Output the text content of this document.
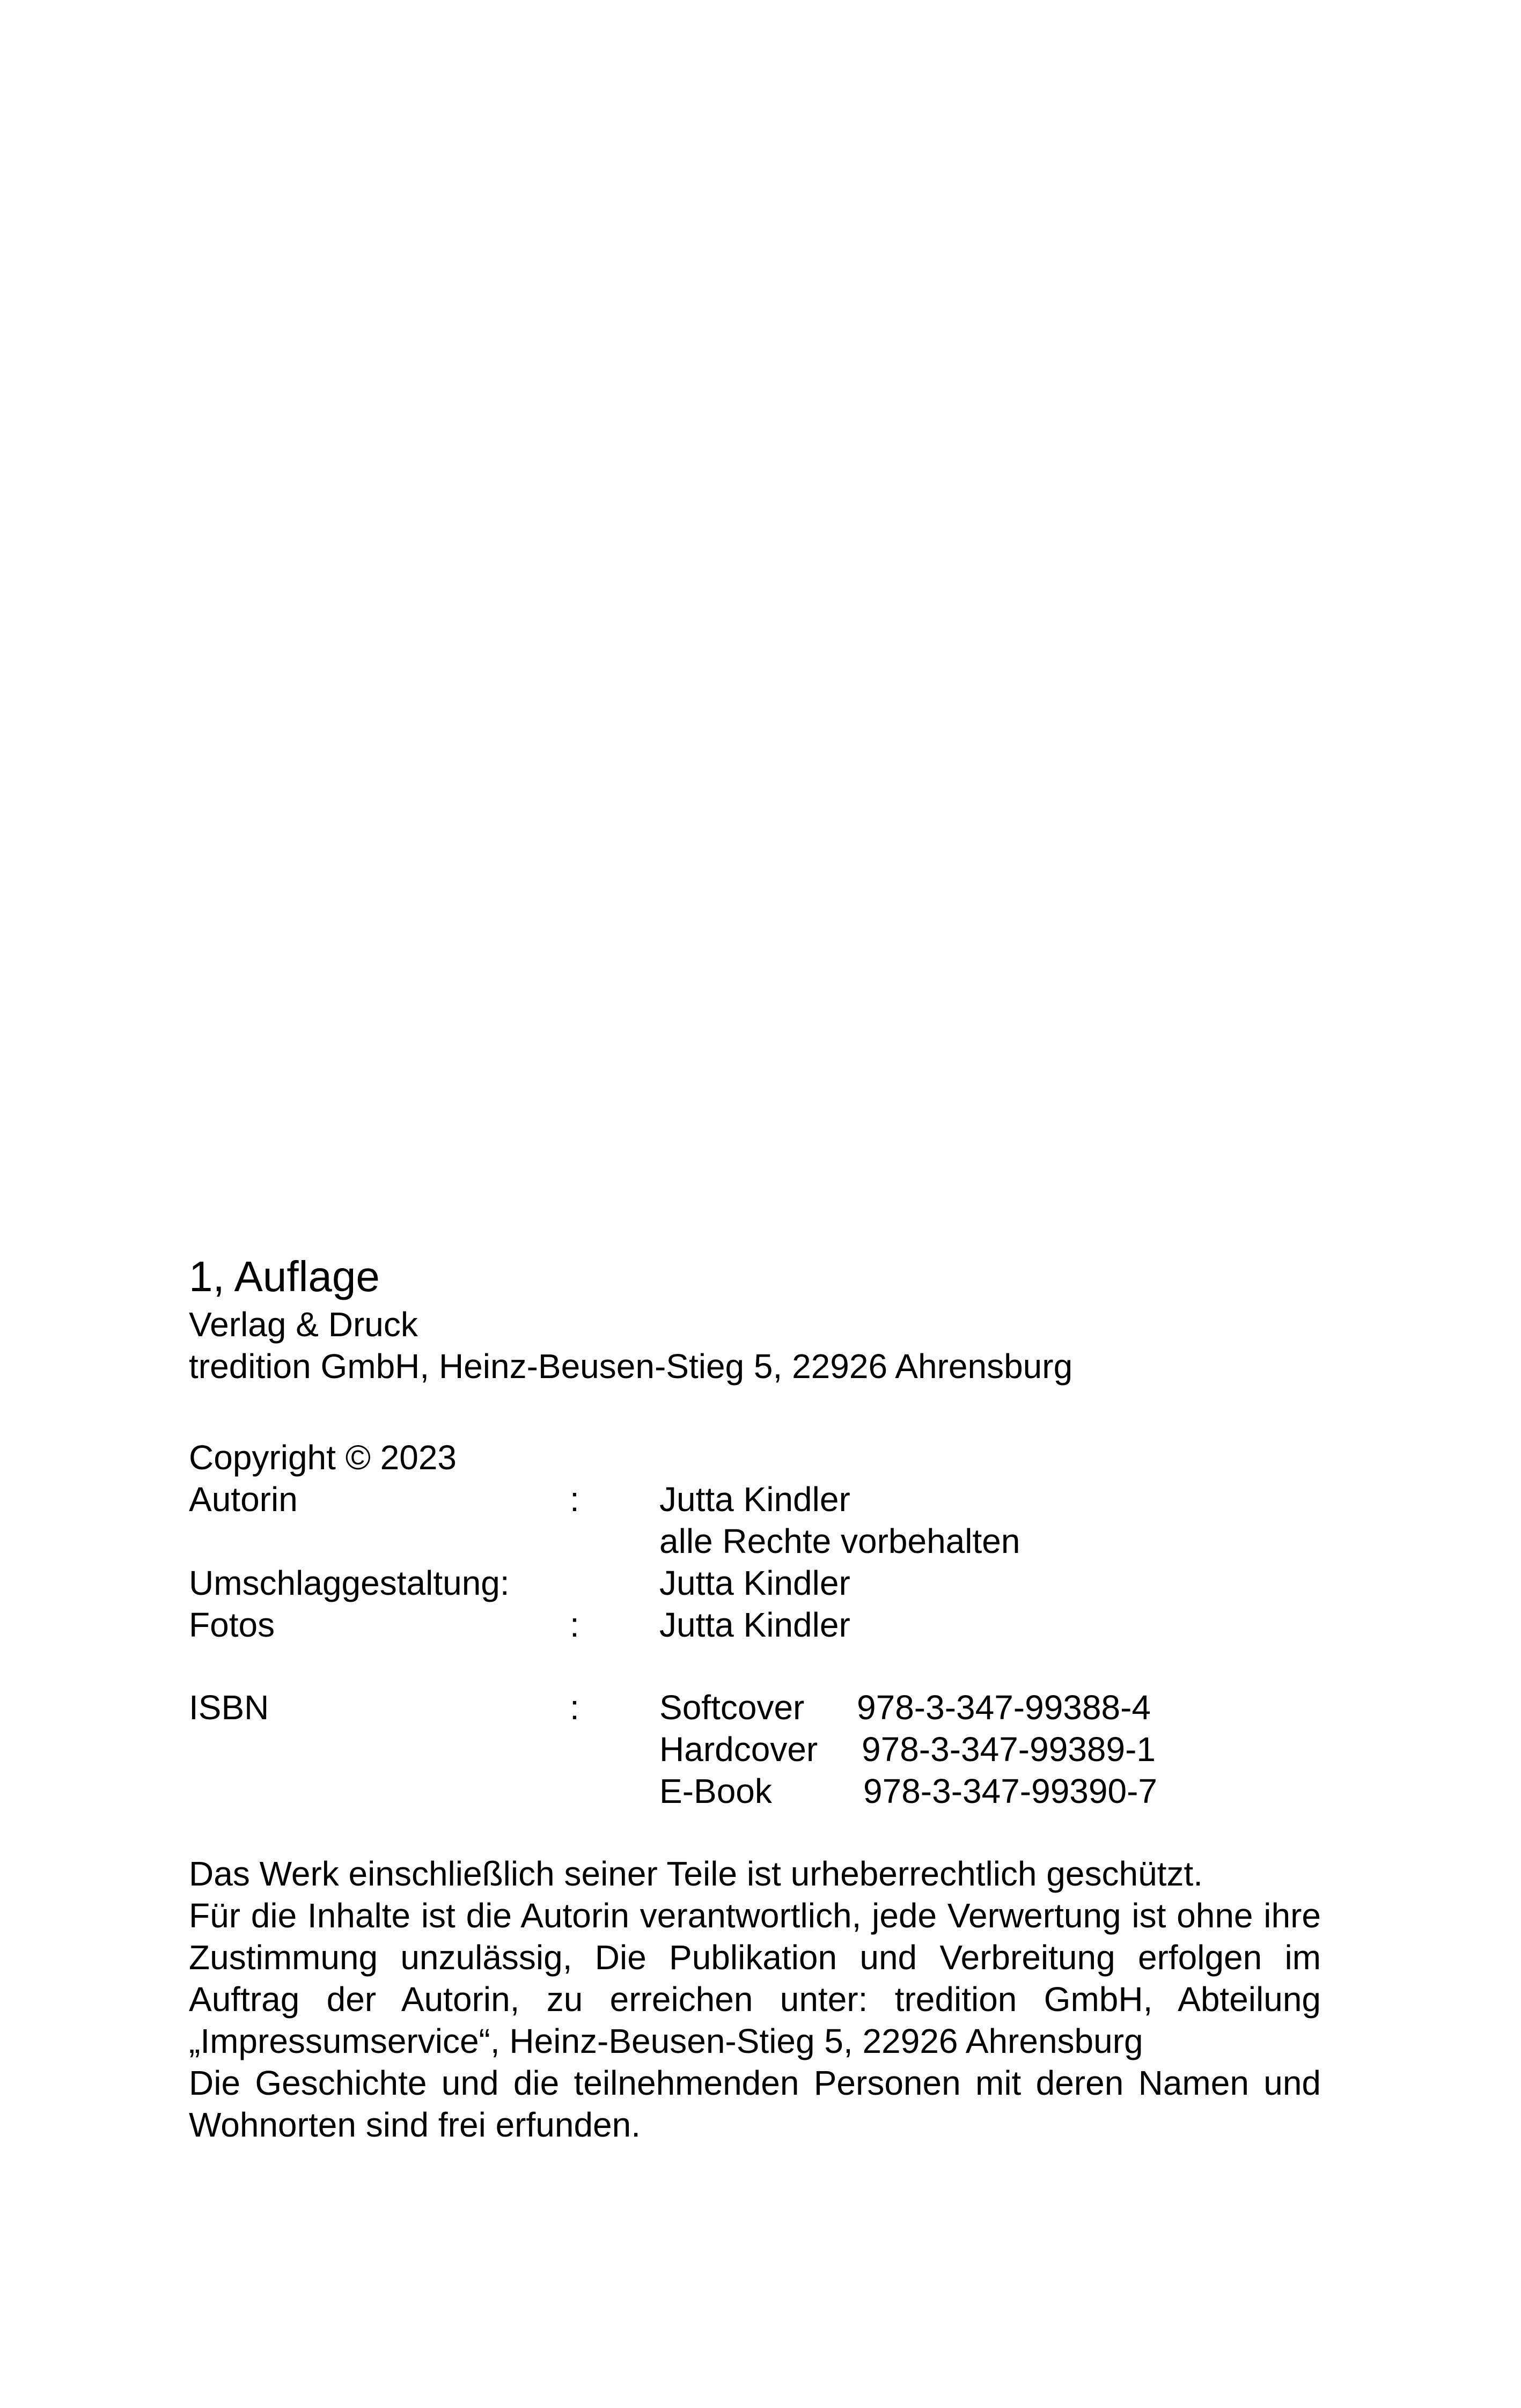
1, Auflage
Verlag & Druck
tredition GmbH, Heinz-Beusen-Stieg 5, 22926 Ahrensburg
Copyright © 2023
Autorin	: Jutta Kindler
alle Rechte vorbehalten
Umschlaggestaltung:	Jutta Kindler
Fotos	: Jutta Kindler
ISBN	: Softcover 978-3-347-99388-4
Hardcover 978-3-347-99389-1
E-Book	978-3-347-99390-7

Das Werk einschließlich seiner Teile ist urheberrechtlich geschützt.

Für die Inhalte ist die Autorin verantwortlich, jede Verwertung ist ohne ihre Zustimmung unzulässig, Die Publikation und Verbreitung erfolgen im Auftrag der Autorin, zu erreichen unter: tredition GmbH, Abteilung „Impressumservice“, Heinz-Beusen-Stieg 5, 22926 Ahrensburg

Die Geschichte und die teilnehmenden Personen mit deren Namen und Wohnorten sind frei erfunden.
